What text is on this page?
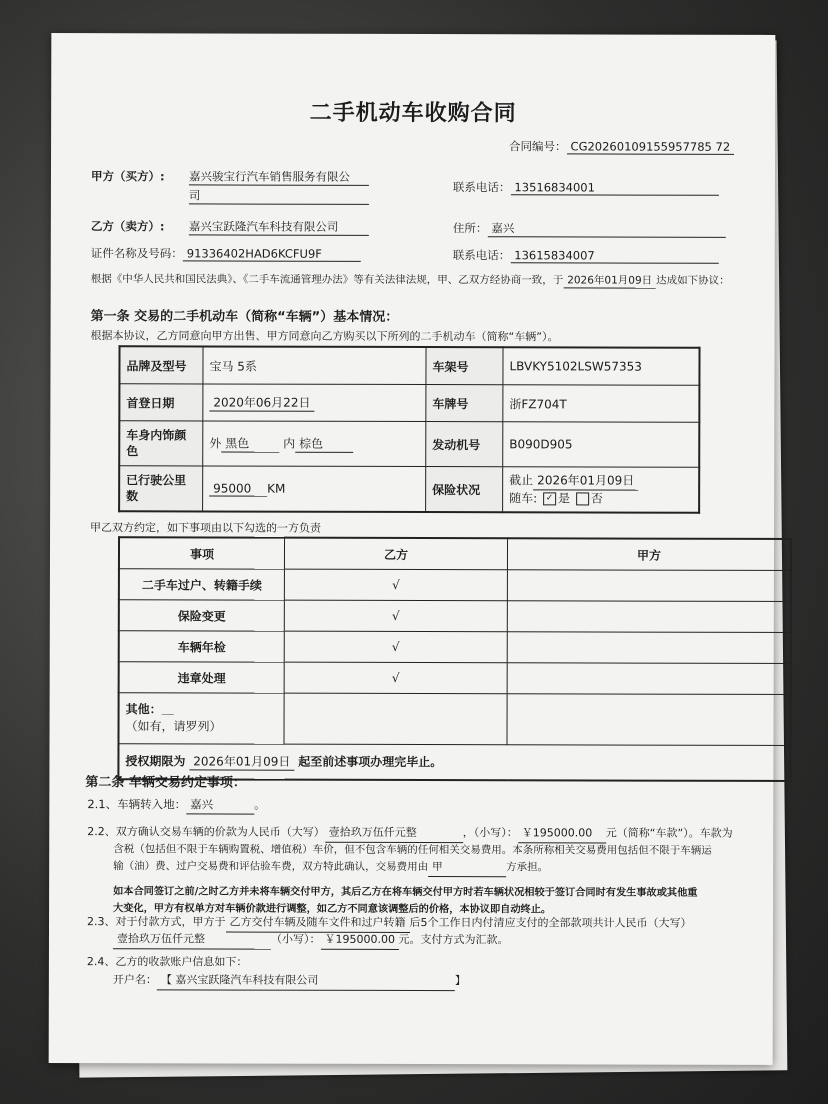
二手机动车收购合同
合同编号： CG20260109155957785 72
甲方（买方）: 嘉兴骏宝行汽车销售服务有限公
司
联系电话： 13516834001
乙方（卖方）: 嘉兴宝跃隆汽车科技有限公司	住所： 嘉兴
证件名称及号码： 91336402HAD6KCFU9F	联系电话： 13615834007
根据《中华人民共和国民法典》、《二手车流通管理办法》等有关法律法规，甲、乙双方经协商一致，于 2026年01月09日 达成如下协议：
第一条 交易的二手机动车（简称“车辆”）基本情况：
根据本协议，乙方同意向甲方出售、甲方同意向乙方购买以下所列的二手机动车（简称“车辆”）。
品牌及型号	宝马 5系	车架号	LBVKY5102LSW57353
首登日期	2020年06月22日	车牌号	浙FZ704T
车身内饰颜
色	外 黑色 内 棕色	发动机号	B090D905
已行驶公里
数	95000 KM	保险状况	截止 2026年01月09日
随车: ✓ 是 否
甲乙双方约定，如下事项由以下勾选的一方负责
事项	乙方	甲方
二手车过户、转籍手续	√	
保险变更	√	
车辆年检	√	
违章处理	√	
其他：＿
（如有，请罗列）		
授权期限为 2026年01月09日 起至前述事项办理完毕止。		
第二条 车辆交易约定事项：
2.1、车辆转入地： 嘉兴	。
2.2、双方确认交易车辆的价款为人民币（大写） 壹拾玖万伍仟元整	，（小写）： ￥195000.00 元（简称“车款”）。车款为
含税（包括但不限于车辆购置税、增值税）车价，但不包含车辆的任何相关交易费用。本条所称相关交易费用包括但不限于车辆运
输（油）费、过户交易费和评估验车费，双方特此确认，交易费用由 甲	方承担。
如本合同签订之前/之时乙方并未将车辆交付甲方，其后乙方在将车辆交付甲方时若车辆状况相较于签订合同时有发生事故或其他重
大变化，甲方有权单方对车辆价款进行调整，如乙方不同意该调整后的价格，本协议即自动终止。
2.3、对于付款方式，甲方于 乙方交付车辆及随车文件和过户转籍 后5个工作日内付清应支付的全部款项共计人民币（大写）
壹拾玖万伍仟元整	（小写）： ￥195000.00 元。支付方式为汇款。
2.4、乙方的收款账户信息如下：
开户名： 【 嘉兴宝跃隆汽车科技有限公司	】
